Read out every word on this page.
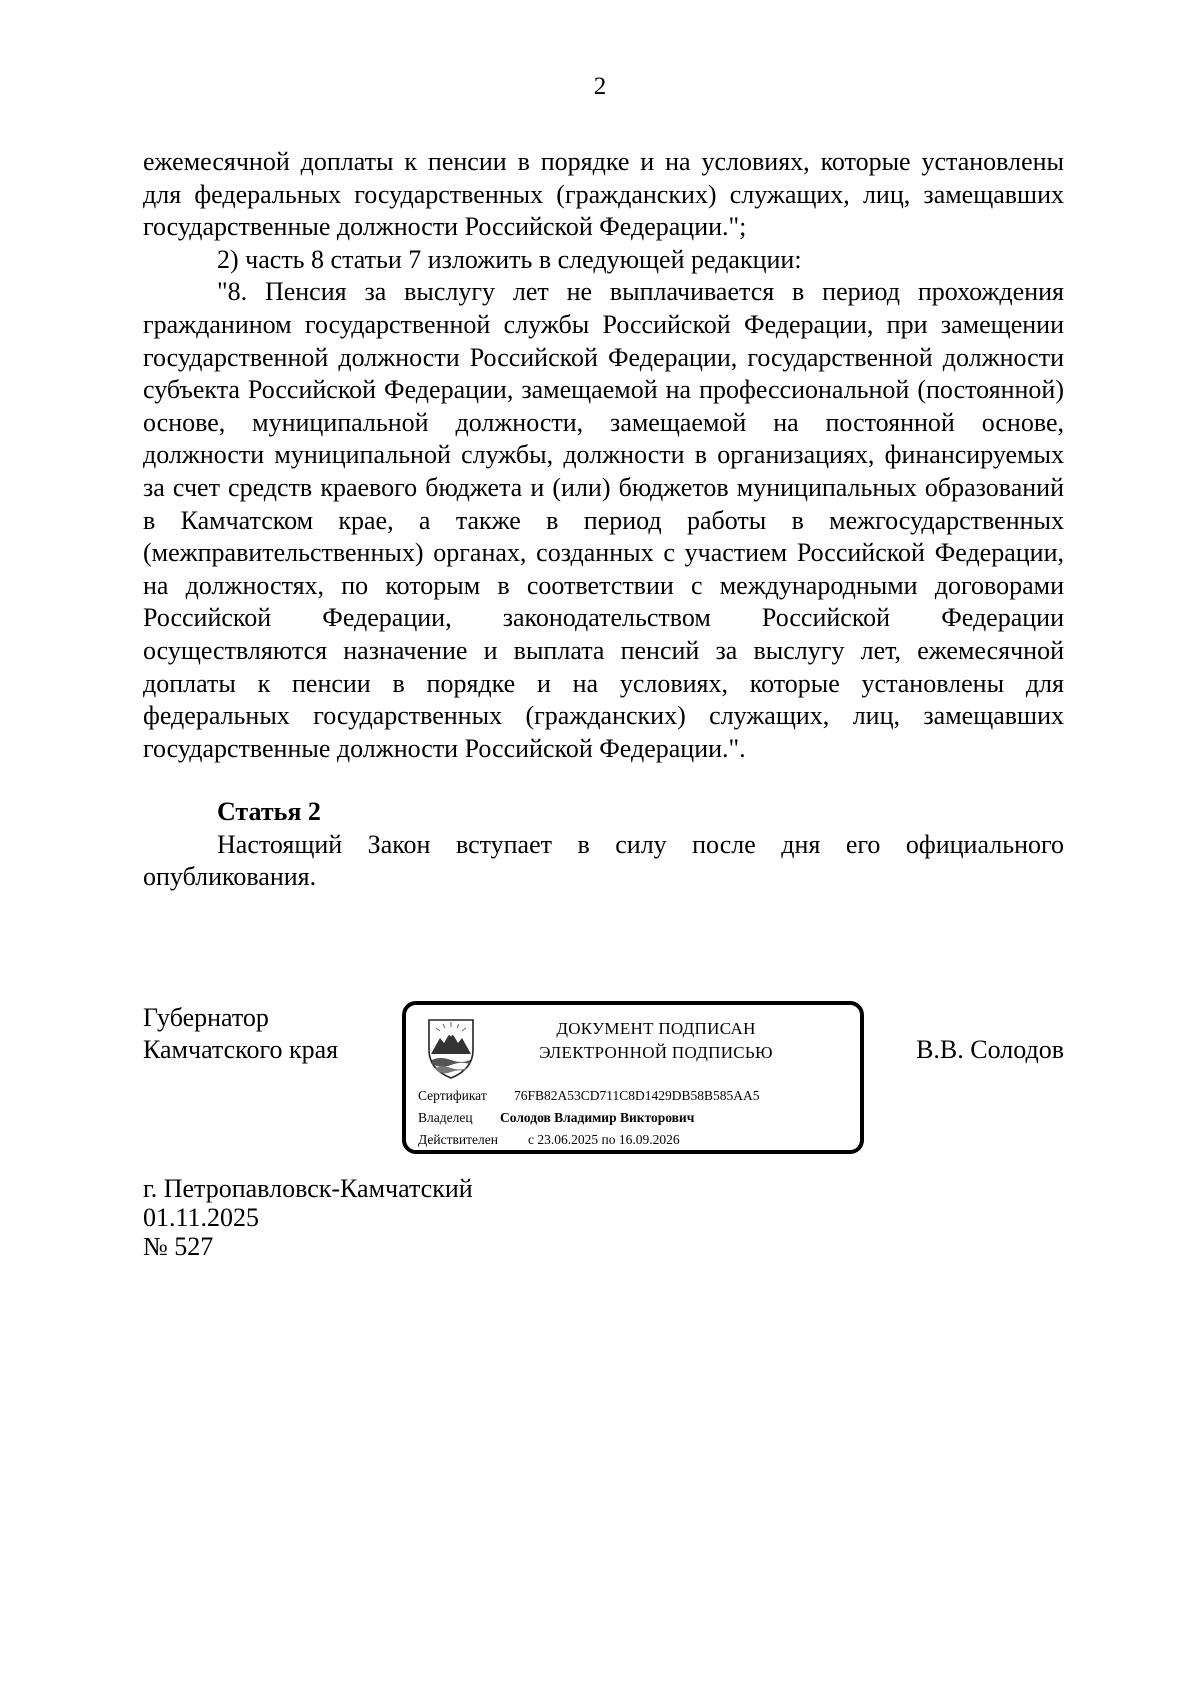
2

ежемесячной доплаты к пенсии в порядке и на условиях, которые установлены для федеральных государственных (гражданских) служащих, лиц, замещавших государственные должности Российской Федерации.";

2) часть 8 статьи 7 изложить в следующей редакции:

"8. Пенсия за выслугу лет не выплачивается в период прохождения гражданином государственной службы Российской Федерации, при замещении государственной должности Российской Федерации, государственной должности субъекта Российской Федерации, замещаемой на профессиональной (постоянной) основе, муниципальной должности, замещаемой на постоянной основе, должности муниципальной службы, должности в организациях, финансируемых за счет средств краевого бюджета и (или) бюджетов муниципальных образований в Камчатском крае, а также в период работы в межгосударственных (межправительственных) органах, созданных с участием Российской Федерации, на должностях, по которым в соответствии с международными договорами Российской Федерации, законодательством Российской Федерации осуществляются назначение и выплата пенсий за выслугу лет, ежемесячной доплаты к пенсии в порядке и на условиях, которые установлены для федеральных государственных (гражданских) служащих, лиц, замещавших государственные должности Российской Федерации.".

Статья 2

Настоящий Закон вступает в силу после дня его официального опубликования.

Губернатор
Камчатского края	В.В. Солодов
ДОКУМЕНТ ПОДПИСАН
ЭЛЕКТРОННОЙ ПОДПИСЬЮ
Сертификат 76FB82A53CD711C8D1429DB58B585AA5
Владелец Солодов Владимир Викторович
Действителен с 23.06.2025 по 16.09.2026
г. Петропавловск-Камчатский
01.11.2025
№ 527
